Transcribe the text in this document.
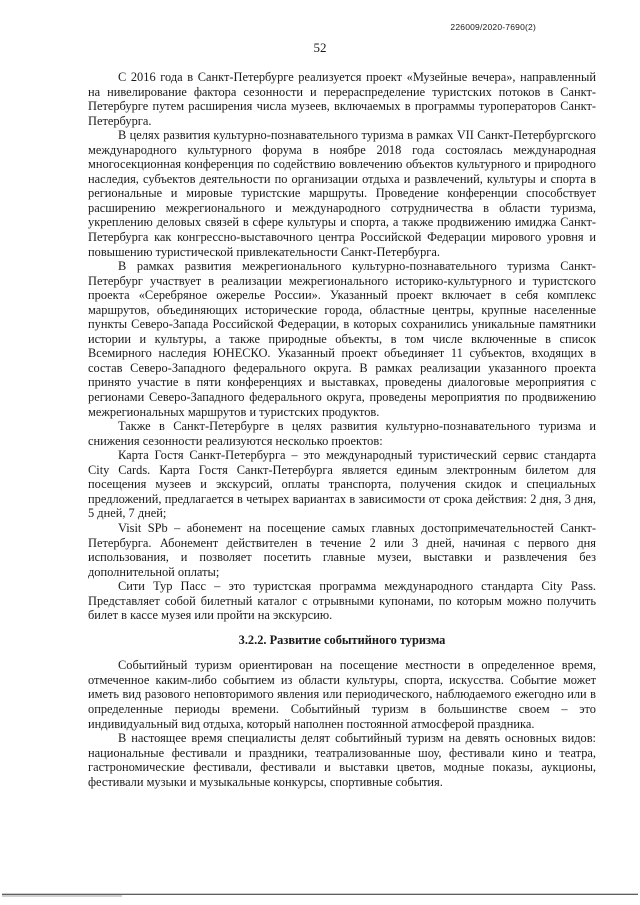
226009/2020-7690(2)
52

С 2016 года в Санкт-Петербурге реализуется проект «Музейные вечера», направленный на нивелирование фактора сезонности и перераспределение туристских потоков в Санкт-Петербурге путем расширения числа музеев, включаемых в программы туроператоров Санкт-Петербурга.

В целях развития культурно-познавательного туризма в рамках VII Санкт-Петербургского международного культурного форума в ноябре 2018 года состоялась международная многосекционная конференция по содействию вовлечению объектов культурного и природного наследия, субъектов деятельности по организации отдыха и развлечений, культуры и спорта в региональные и мировые туристские маршруты. Проведение конференции способствует расширению межрегионального и международного сотрудничества в области туризма, укреплению деловых связей в сфере культуры и спорта, а также продвижению имиджа Санкт-Петербурга как конгрессно-выставочного центра Российской Федерации мирового уровня и повышению туристической привлекательности Санкт-Петербурга.

В рамках развития межрегионального культурно-познавательного туризма Санкт-Петербург участвует в реализации межрегионального историко-культурного и туристского проекта «Серебряное ожерелье России». Указанный проект включает в себя комплекс маршрутов, объединяющих исторические города, областные центры, крупные населенные пункты Северо-Запада Российской Федерации, в которых сохранились уникальные памятники истории и культуры, а также природные объекты, в том числе включенные в список Всемирного наследия ЮНЕСКО. Указанный проект объединяет 11 субъектов, входящих в состав Северо-Западного федерального округа. В рамках реализации указанного проекта принято участие в пяти конференциях и выставках, проведены диалоговые мероприятия с регионами Северо-Западного федерального округа, проведены мероприятия по продвижению межрегиональных маршрутов и туристских продуктов.

Также в Санкт-Петербурге в целях развития культурно-познавательного туризма и снижения сезонности реализуются несколько проектов:

Карта Гостя Санкт-Петербурга – это международный туристический сервис стандарта City Cards. Карта Гостя Санкт-Петербурга является единым электронным билетом для посещения музеев и экскурсий, оплаты транспорта, получения скидок и специальных предложений, предлагается в четырех вариантах в зависимости от срока действия: 2 дня, 3 дня, 5 дней, 7 дней;

Visit SPb – абонемент на посещение самых главных достопримечательностей Санкт-Петербурга. Абонемент действителен в течение 2 или 3 дней, начиная с первого дня использования, и позволяет посетить главные музеи, выставки и развлечения без дополнительной оплаты;

Сити Тур Пасс – это туристская программа международного стандарта City Pass. Представляет собой билетный каталог с отрывными купонами, по которым можно получить билет в кассе музея или пройти на экскурсию.

3.2.2. Развитие событийного туризма

Событийный туризм ориентирован на посещение местности в определенное время, отмеченное каким-либо событием из области культуры, спорта, искусства. Событие может иметь вид разового неповторимого явления или периодического, наблюдаемого ежегодно или в определенные периоды времени. Событийный туризм в большинстве своем – это индивидуальный вид отдыха, который наполнен постоянной атмосферой праздника.

В настоящее время специалисты делят событийный туризм на девять основных видов: национальные фестивали и праздники, театрализованные шоу, фестивали кино и театра, гастрономические фестивали, фестивали и выставки цветов, модные показы, аукционы, фестивали музыки и музыкальные конкурсы, спортивные события.
